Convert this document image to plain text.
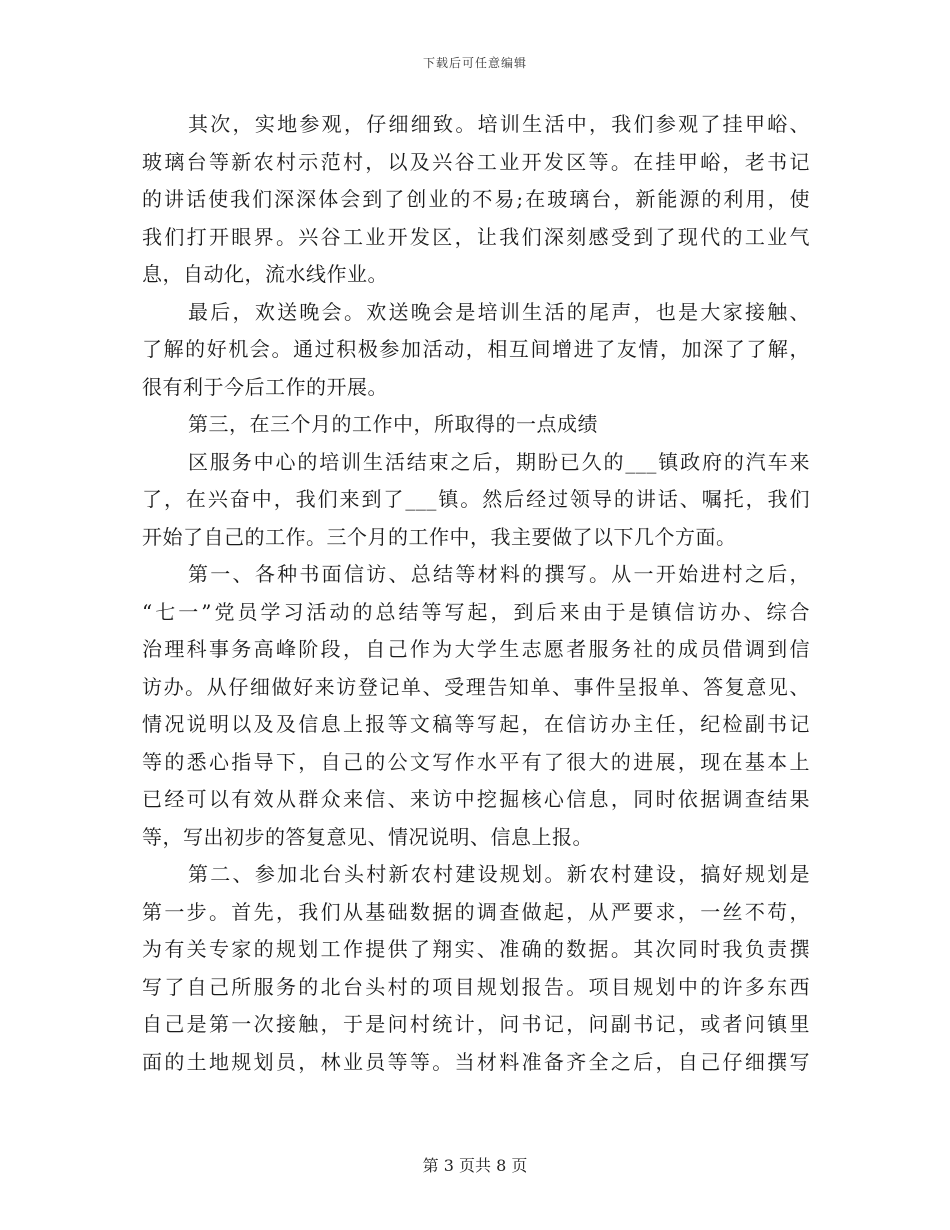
下载后可任意编辑
其次，实地参观，仔细细致。培训生活中，我们参观了挂甲峪、
玻璃台等新农村示范村，以及兴谷工业开发区等。在挂甲峪，老书记
的讲话使我们深深体会到了创业的不易;在玻璃台，新能源的利用，使
我们打开眼界。兴谷工业开发区，让我们深刻感受到了现代的工业气
息，自动化，流水线作业。
最后，欢送晚会。欢送晚会是培训生活的尾声，也是大家接触、
了解的好机会。通过积极参加活动，相互间增进了友情，加深了了解，
很有利于今后工作的开展。
第三，在三个月的工作中，所取得的一点成绩
区服务中心的培训生活结束之后，期盼已久的___镇政府的汽车来
了，在兴奋中，我们来到了___镇。然后经过领导的讲话、嘱托，我们
开始了自己的工作。三个月的工作中，我主要做了以下几个方面。
第一、各种书面信访、总结等材料的撰写。从一开始进村之后，
“七一”党员学习活动的总结等写起，到后来由于是镇信访办、综合
治理科事务高峰阶段，自己作为大学生志愿者服务社的成员借调到信
访办。从仔细做好来访登记单、受理告知单、事件呈报单、答复意见、
情况说明以及及信息上报等文稿等写起，在信访办主任，纪检副书记
等的悉心指导下，自己的公文写作水平有了很大的进展，现在基本上
已经可以有效从群众来信、来访中挖掘核心信息，同时依据调查结果
等，写出初步的答复意见、情况说明、信息上报。
第二、参加北台头村新农村建设规划。新农村建设，搞好规划是
第一步。首先，我们从基础数据的调查做起，从严要求，一丝不苟，
为有关专家的规划工作提供了翔实、准确的数据。其次同时我负责撰
写了自己所服务的北台头村的项目规划报告。项目规划中的许多东西
自己是第一次接触，于是问村统计，问书记，问副书记，或者问镇里
面的土地规划员，林业员等等。当材料准备齐全之后，自己仔细撰写
第 3 页共 8 页
